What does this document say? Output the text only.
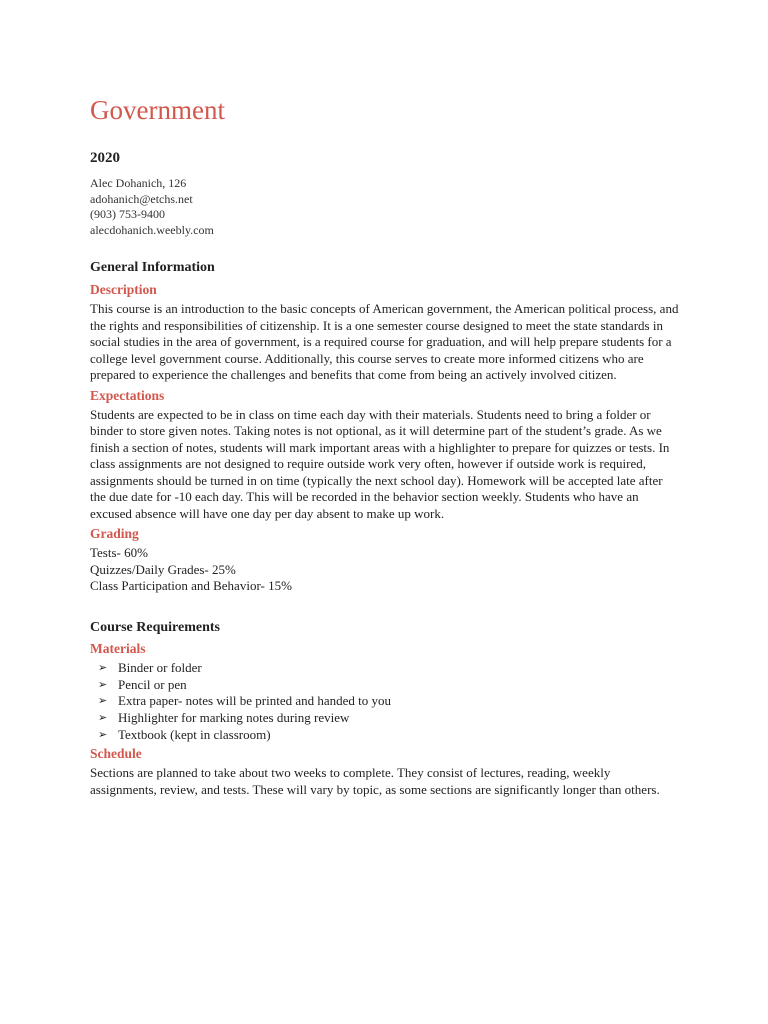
Government
2020
Alec Dohanich, 126
adohanich@etchs.net
(903) 753-9400
alecdohanich.weebly.com
General Information
Description

This course is an introduction to the basic concepts of American government, the American political process, and the rights and responsibilities of citizenship. It is a one semester course designed to meet the state standards in social studies in the area of government, is a required course for graduation, and will help prepare students for a college level government course. Additionally, this course serves to create more informed citizens who are prepared to experience the challenges and benefits that come from being an actively involved citizen.

Expectations

Students are expected to be in class on time each day with their materials. Students need to bring a folder or binder to store given notes. Taking notes is not optional, as it will determine part of the student’s grade. As we finish a section of notes, students will mark important areas with a highlighter to prepare for quizzes or tests. In class assignments are not designed to require outside work very often, however if outside work is required, assignments should be turned in on time (typically the next school day). Homework will be accepted late after the due date for -10 each day. This will be recorded in the behavior section weekly. Students who have an excused absence will have one day per day absent to make up work.

Grading
Tests- 60%
Quizzes/Daily Grades- 25%
Class Participation and Behavior- 15%
Course Requirements
Materials
➢ Binder or folder
➢ Pencil or pen
➢ Extra paper- notes will be printed and handed to you
➢ Highlighter for marking notes during review
➢ Textbook (kept in classroom)
Schedule

Sections are planned to take about two weeks to complete. They consist of lectures, reading, weekly assignments, review, and tests. These will vary by topic, as some sections are significantly longer than others.
